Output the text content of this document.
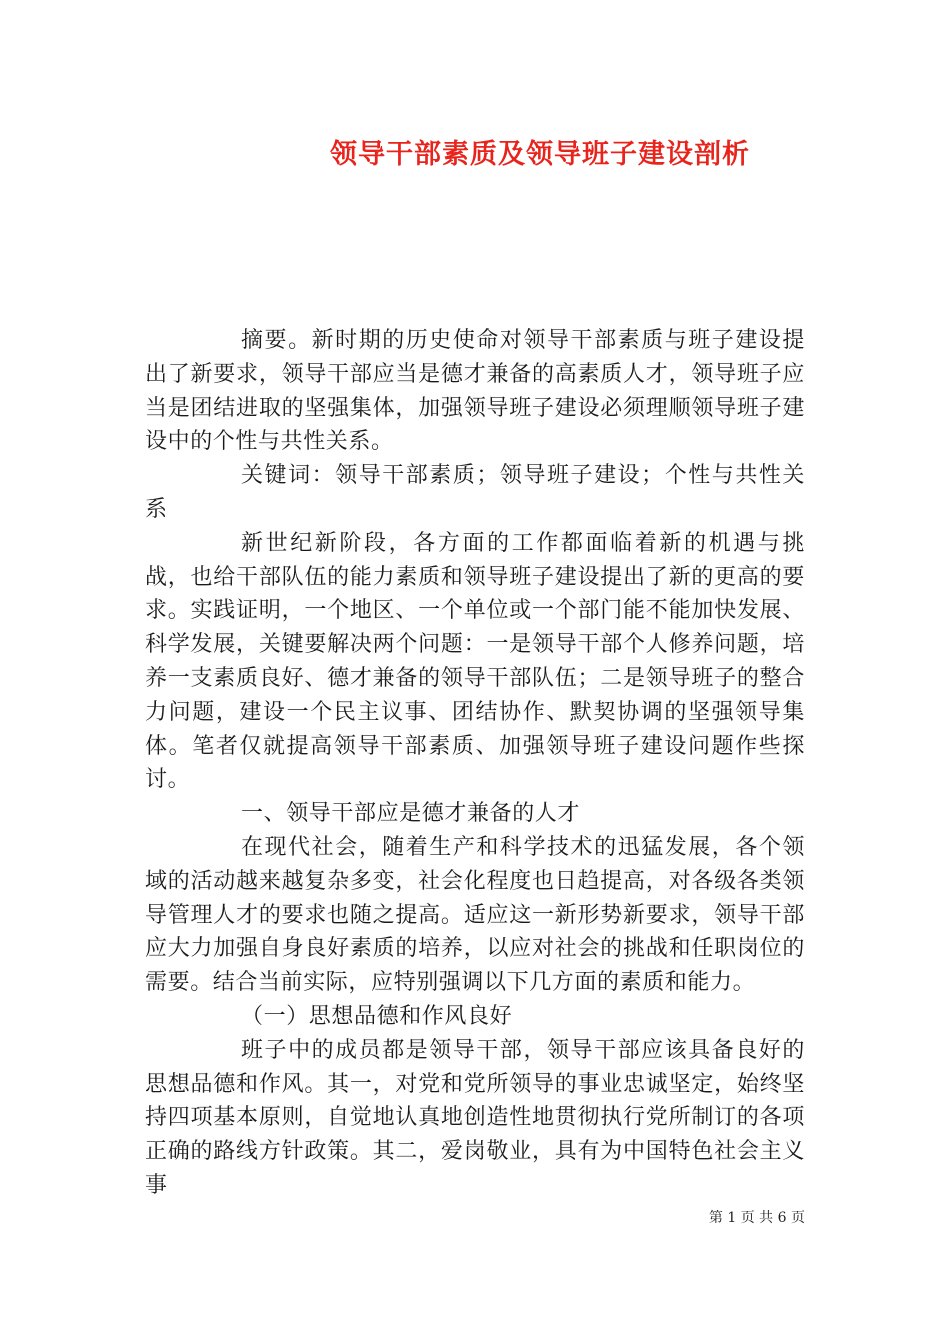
领导干部素质及领导班子建设剖析

摘要。新时期的历史使命对领导干部素质与班子建设提出了新要求，领导干部应当是德才兼备的高素质人才，领导班子应当是团结进取的坚强集体，加强领导班子建设必须理顺领导班子建设中的个性与共性关系。

关键词：领导干部素质；领导班子建设；个性与共性关系

新世纪新阶段，各方面的工作都面临着新的机遇与挑战，也给干部队伍的能力素质和领导班子建设提出了新的更高的要求。实践证明，一个地区、一个单位或一个部门能不能加快发展、科学发展，关键要解决两个问题：一是领导干部个人修养问题，培养一支素质良好、德才兼备的领导干部队伍；二是领导班子的整合力问题，建设一个民主议事、团结协作、默契协调的坚强领导集体。笔者仅就提高领导干部素质、加强领导班子建设问题作些探讨。

一、领导干部应是德才兼备的人才

在现代社会，随着生产和科学技术的迅猛发展，各个领域的活动越来越复杂多变，社会化程度也日趋提高，对各级各类领导管理人才的要求也随之提高。适应这一新形势新要求，领导干部应大力加强自身良好素质的培养，以应对社会的挑战和任职岗位的需要。结合当前实际，应特别强调以下几方面的素质和能力。

（一）思想品德和作风良好

班子中的成员都是领导干部，领导干部应该具备良好的思想品德和作风。其一，对党和党所领导的事业忠诚坚定，始终坚持四项基本原则，自觉地认真地创造性地贯彻执行党所制订的各项正确的路线方针政策。其二，爱岗敬业，具有为中国特色社会主义事

第 1 页 共 6 页
